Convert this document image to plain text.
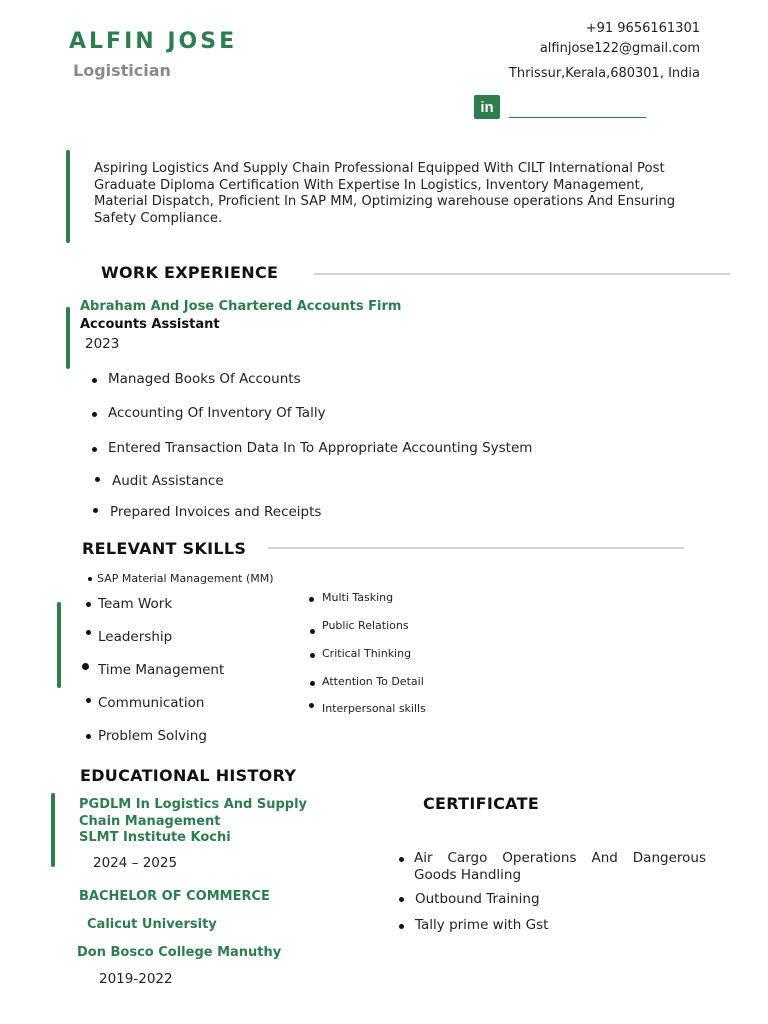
ALFIN JOSE
Logistician
+91 9656161301
alfinjose122@gmail.com
Thrissur,Kerala,680301, India
in
Aspiring Logistics And Supply Chain Professional Equipped With CILT International Post Graduate Diploma Certification With Expertise In Logistics, Inventory Management, Material Dispatch, Proficient In SAP MM, Optimizing warehouse operations And Ensuring Safety Compliance.
WORK EXPERIENCE
Abraham And Jose Chartered Accounts Firm
Accounts Assistant
2023
Managed Books Of Accounts
Accounting Of Inventory Of Tally
Entered Transaction Data In To Appropriate Accounting System
Audit Assistance
Prepared Invoices and Receipts
RELEVANT SKILLS
SAP Material Management (MM)
Team Work
Leadership
Time Management
Communication
Problem Solving
Multi Tasking
Public Relations
Critical Thinking
Attention To Detail
Interpersonal skills
EDUCATIONAL HISTORY
PGDLM In Logistics And Supply
Chain Management
SLMT Institute Kochi
2024 – 2025
BACHELOR OF COMMERCE
Calicut University
Don Bosco College Manuthy
2019-2022
CERTIFICATE
Air Cargo Operations And Dangerous Goods Handling
Outbound Training
Tally prime with Gst
